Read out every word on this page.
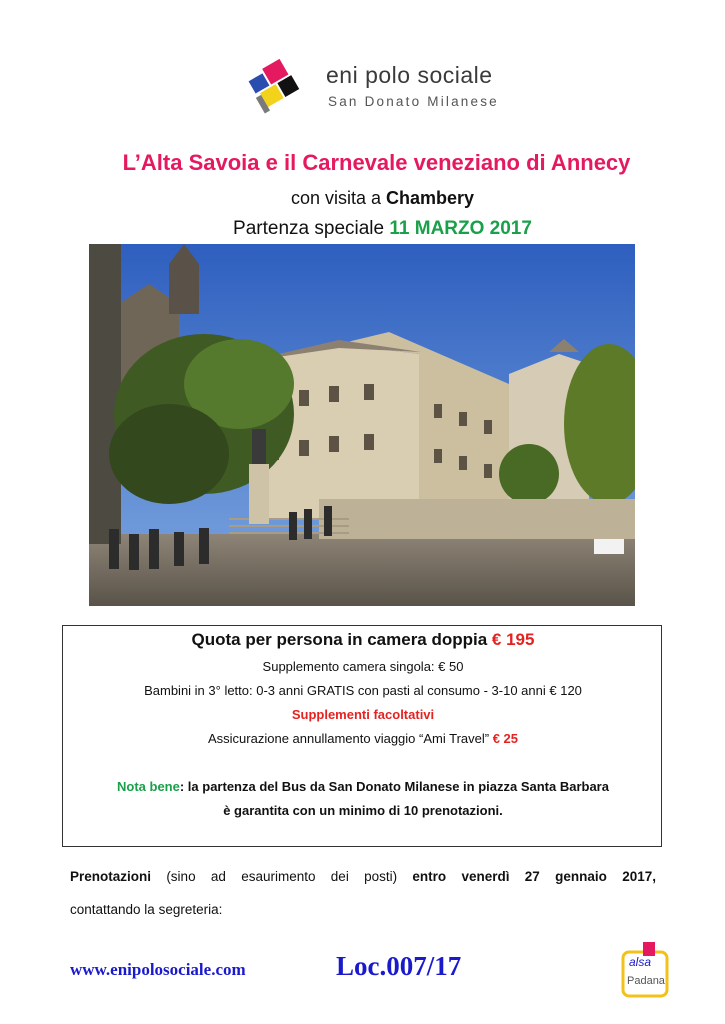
eni polo sociale
San Donato Milanese
L’Alta Savoia e il Carnevale veneziano di Annecy
con visita a Chambery
Partenza speciale 11 MARZO 2017
Quota per persona in camera doppia € 195
Supplemento camera singola: € 50
Bambini in 3° letto: 0-3 anni GRATIS con pasti al consumo - 3-10 anni € 120
Supplementi facoltativi
Assicurazione annullamento viaggio “Ami Travel” € 25
Nota bene: la partenza del Bus da San Donato Milanese in piazza Santa Barbara
è garantita con un minimo di 10 prenotazioni.
Prenotazioni (sino ad esaurimento dei posti) entro venerdì 27 gennaio 2017,
contattando la segreteria:
www.enipolosociale.com	Loc.007/17	alsa
Padana
